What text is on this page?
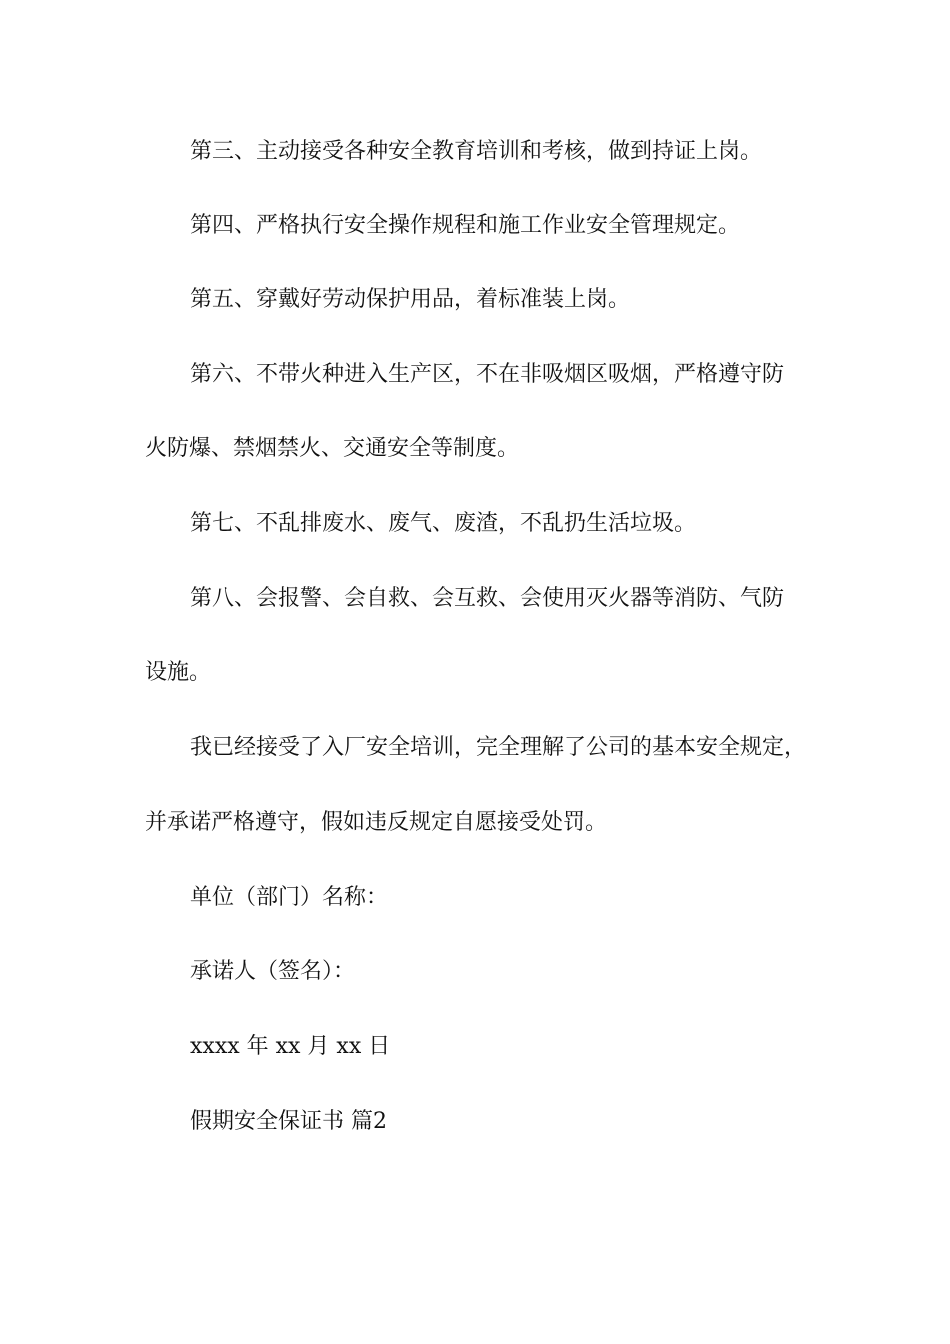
第三、主动接受各种安全教育培训和考核，做到持证上岗。
第四、严格执行安全操作规程和施工作业安全管理规定。
第五、穿戴好劳动保护用品，着标准装上岗。
第六、不带火种进入生产区，不在非吸烟区吸烟，严格遵守防
火防爆、禁烟禁火、交通安全等制度。
第七、不乱排废水、废气、废渣，不乱扔生活垃圾。
第八、会报警、会自救、会互救、会使用灭火器等消防、气防
设施。
我已经接受了入厂安全培训，完全理解了公司的基本安全规定，
并承诺严格遵守，假如违反规定自愿接受处罚。
单位（部门）名称：
承诺人（签名）：
xxxx 年 xx 月 xx 日
假期安全保证书 篇2
